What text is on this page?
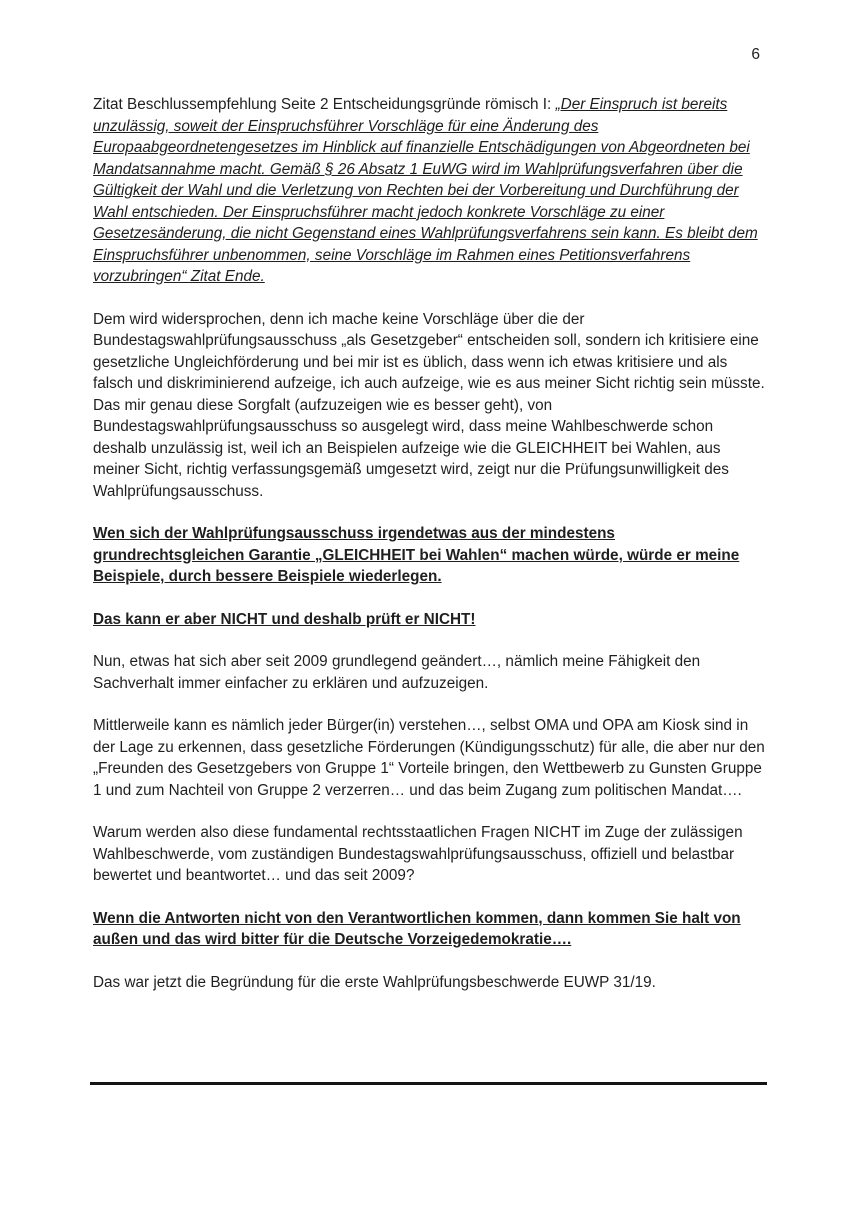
6

Zitat Beschlussempfehlung Seite 2 Entscheidungsgründe römisch I: „Der Einspruch ist bereits unzulässig, soweit der Einspruchsführer Vorschläge für eine Änderung des Europaabgeordnetengesetzes im Hinblick auf finanzielle Entschädigungen von Abgeordneten bei Mandatsannahme macht. Gemäß § 26 Absatz 1 EuWG wird im Wahlprüfungsverfahren über die Gültigkeit der Wahl und die Verletzung von Rechten bei der Vorbereitung und Durchführung der Wahl entschieden. Der Einspruchsführer macht jedoch konkrete Vorschläge zu einer Gesetzesänderung, die nicht Gegenstand eines Wahlprüfungsverfahrens sein kann. Es bleibt dem Einspruchsführer unbenommen, seine Vorschläge im Rahmen eines Petitionsverfahrens vorzubringen“ Zitat Ende.

Dem wird widersprochen, denn ich mache keine Vorschläge über die der Bundestagswahlprüfungsausschuss „als Gesetzgeber“ entscheiden soll, sondern ich kritisiere eine gesetzliche Ungleichförderung und bei mir ist es üblich, dass wenn ich etwas kritisiere und als falsch und diskriminierend aufzeige, ich auch aufzeige, wie es aus meiner Sicht richtig sein müsste. Das mir genau diese Sorgfalt (aufzuzeigen wie es besser geht), von Bundestagswahlprüfungsausschuss so ausgelegt wird, dass meine Wahlbeschwerde schon deshalb unzulässig ist, weil ich an Beispielen aufzeige wie die GLEICHHEIT bei Wahlen, aus meiner Sicht, richtig verfassungsgemäß umgesetzt wird, zeigt nur die Prüfungsunwilligkeit des Wahlprüfungsausschuss.

Wen sich der Wahlprüfungsausschuss irgendetwas aus der mindestens grundrechtsgleichen Garantie „GLEICHHEIT bei Wahlen“ machen würde, würde er meine Beispiele, durch bessere Beispiele wiederlegen.

Das kann er aber NICHT und deshalb prüft er NICHT!

Nun, etwas hat sich aber seit 2009 grundlegend geändert…, nämlich meine Fähigkeit den Sachverhalt immer einfacher zu erklären und aufzuzeigen.

Mittlerweile kann es nämlich jeder Bürger(in) verstehen…, selbst OMA und OPA am Kiosk sind in der Lage zu erkennen, dass gesetzliche Förderungen (Kündigungsschutz) für alle, die aber nur den „Freunden des Gesetzgebers von Gruppe 1“ Vorteile bringen, den Wettbewerb zu Gunsten Gruppe 1 und zum Nachteil von Gruppe 2 verzerren… und das beim Zugang zum politischen Mandat….

Warum werden also diese fundamental rechtsstaatlichen Fragen NICHT im Zuge der zulässigen Wahlbeschwerde, vom zuständigen Bundestagswahlprüfungsausschuss, offiziell und belastbar bewertet und beantwortet… und das seit 2009?

Wenn die Antworten nicht von den Verantwortlichen kommen, dann kommen Sie halt von außen und das wird bitter für die Deutsche Vorzeigedemokratie….

Das war jetzt die Begründung für die erste Wahlprüfungsbeschwerde EUWP 31/19.
